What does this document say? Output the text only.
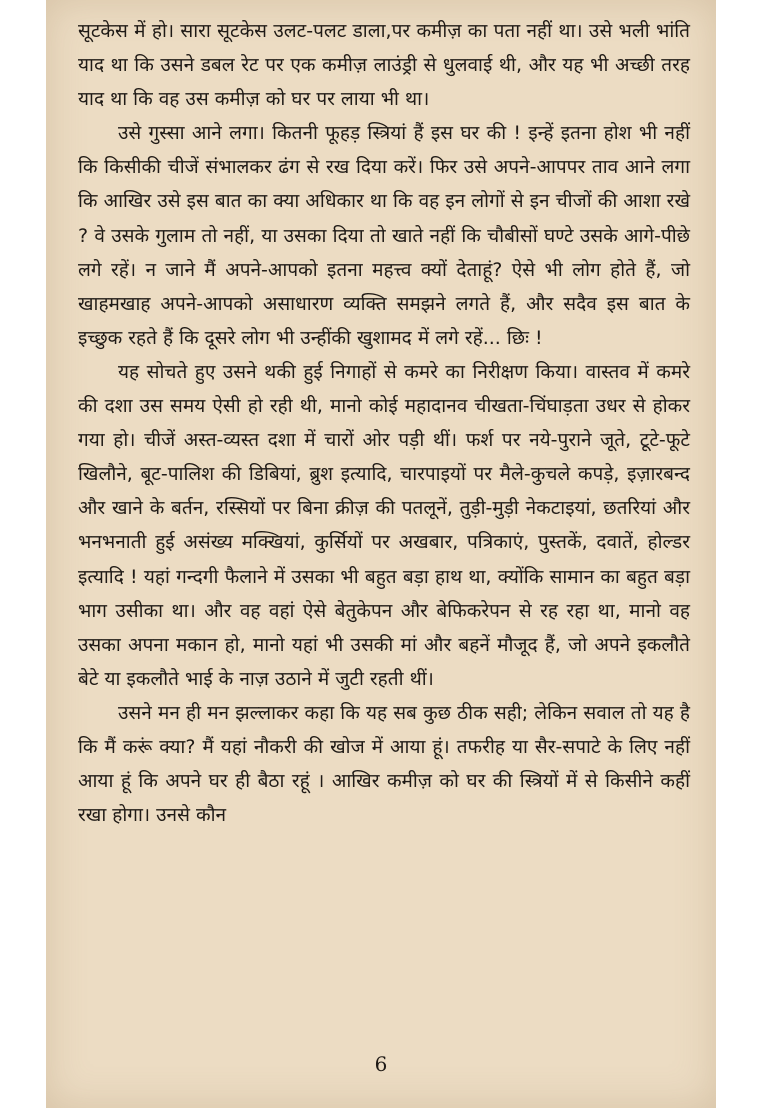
सूटकेस में हो। सारा सूटकेस उलट-पलट डाला,पर कमीज़ का पता नहीं था। उसे भली भांति याद था कि उसने डबल रेट पर एक कमीज़ लाउंड्री से धुलवाई थी, और यह भी अच्छी तरह याद था कि वह उस कमीज़ को घर पर लाया भी था।

उसे गुस्सा आने लगा। कितनी फूहड़ स्त्रियां हैं इस घर की ! इन्हें इतना होश भी नहीं कि किसीकी चीजें संभालकर ढंग से रख दिया करें। फिर उसे अपने-आपपर ताव आने लगा कि आखिर उसे इस बात का क्या अधिकार था कि वह इन लोगों से इन चीजों की आशा रखे ? वे उसके गुलाम तो नहीं, या उसका दिया तो खाते नहीं कि चौबीसों घण्टे उसके आगे-पीछे लगे रहें। न जाने मैं अपने-आपको इतना महत्त्व क्यों देताहूं? ऐसे भी लोग होते हैं, जो खाहमखाह अपने-आपको असाधारण व्यक्ति समझने लगते हैं, और सदैव इस बात के इच्छुक रहते हैं कि दूसरे लोग भी उन्हींकी खुशामद में लगे रहें... छिः !

यह सोचते हुए उसने थकी हुई निगाहों से कमरे का निरीक्षण किया। वास्तव में कमरे की दशा उस समय ऐसी हो रही थी, मानो कोई महादानव चीखता-चिंघाड़ता उधर से होकर गया हो। चीजें अस्त-व्यस्त दशा में चारों ओर पड़ी थीं। फर्श पर नये-पुराने जूते, टूटे-फूटे खिलौने, बूट-पालिश की डिबियां, ब्रुश इत्यादि, चारपाइयों पर मैले-कुचले कपड़े, इज़ारबन्द और खाने के बर्तन, रस्सियों पर बिना क्रीज़ की पतलूनें, तुड़ी-मुड़ी नेकटाइयां, छतरियां और भनभनाती हुई असंख्य मक्खियां, कुर्सियों पर अखबार, पत्रिकाएं, पुस्तकें, दवातें, होल्डर इत्यादि ! यहां गन्दगी फैलाने में उसका भी बहुत बड़ा हाथ था, क्योंकि सामान का बहुत बड़ा भाग उसीका था। और वह वहां ऐसे बेतुकेपन और बेफिकरेपन से रह रहा था, मानो वह उसका अपना मकान हो, मानो यहां भी उसकी मां और बहनें मौजूद हैं, जो अपने इकलौते बेटे या इकलौते भाई के नाज़ उठाने में जुटी रहती थीं।

उसने मन ही मन झल्लाकर कहा कि यह सब कुछ ठीक सही; लेकिन सवाल तो यह है कि मैं करूं क्या? मैं यहां नौकरी की खोज में आया हूं। तफरीह या सैर-सपाटे के लिए नहीं आया हूं कि अपने घर ही बैठा रहूं । आखिर कमीज़ को घर की स्त्रियों में से किसीने कहीं रखा होगा। उनसे कौन

6
